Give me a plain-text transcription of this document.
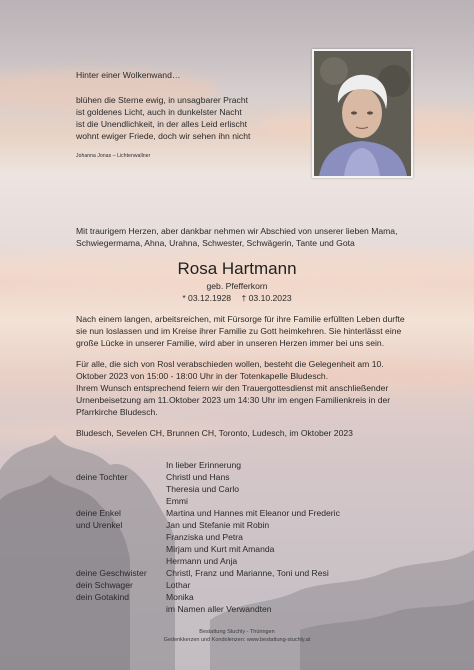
Hinter einer Wolkenwand…

blühen die Sterne ewig, in unsagbarer Pracht

ist goldenes Licht, auch in dunkelster Nacht

ist die Unendlichkeit, in der alles Leid erlischt

wohnt ewiger Friede, doch wir sehen ihn nicht

Johanna Jonas – Lichtenwallner

Mit traurigem Herzen, aber dankbar nehmen wir Abschied von unserer lieben Mama, Schwiegermama, Ahna, Urahna, Schwester, Schwägerin, Tante und Gota
Rosa Hartmann
geb. Pfefferkorn
* 03.12.1928 † 03.10.2023

Nach einem langen, arbeitsreichen, mit Fürsorge für ihre Familie erfüllten Leben durfte sie nun loslassen und im Kreise ihrer Familie zu Gott heimkehren. Sie hinterlässt eine große Lücke in unserer Familie, wird aber in unseren Herzen immer bei uns sein.

Für alle, die sich von Rosl verabschieden wollen, besteht die Gelegenheit am 10. Oktober 2023 von 15:00 - 18:00 Uhr in der Totenkapelle Bludesch.

Ihrem Wunsch entsprechend feiern wir den Trauergottesdienst mit anschließender Urnenbeisetzung am 11.Oktober 2023 um 14:30 Uhr im engen Familienkreis in der Pfarrkirche Bludesch.

Bludesch, Sevelen CH, Brunnen CH, Toronto, Ludesch, im Oktober 2023
In lieber Erinnerung
deine Tochter	Christl und Hans
Theresia und Carlo
Emmi
deine Enkel	Martina und Hannes mit Eleanor und Frederic
und Urenkel	Jan und Stefanie mit Robin
Franziska und Petra
Mirjam und Kurt mit Amanda
Hermann und Anja
deine Geschwister	Christl, Franz und Marianne, Toni und Resi
dein Schwager	Lothar
dein Gotakind	Monika
im Namen aller Verwandten
Bestattung Stuchly - Thüringen
Gedenkkerzen und Kondolenzen: www.bestattung-stuchly.at
